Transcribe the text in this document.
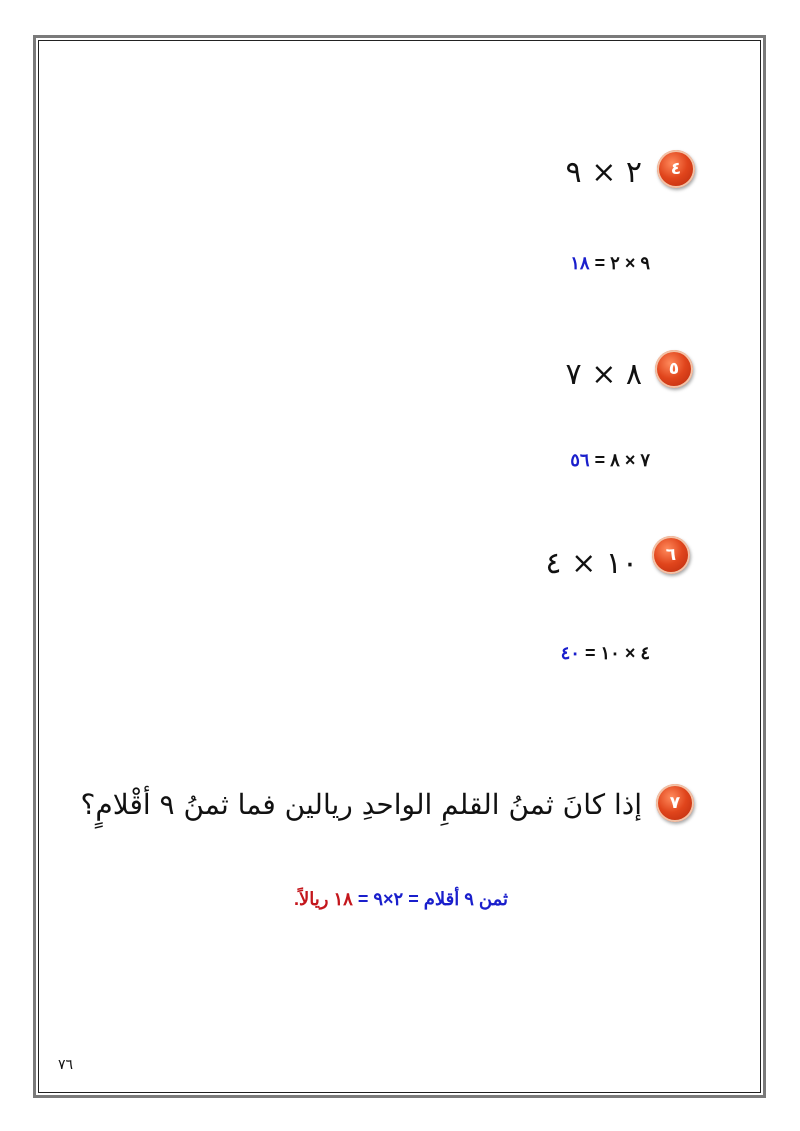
٤
٢ × ٩
٩ × ٢ = ١٨
٥
٨ × ٧
٧ × ٨ = ٥٦
٦
١٠ × ٤
٤ × ١٠ = ٤٠
٧
إذا كانَ ثمنُ القلمِ الواحدِ ريالين فما ثمنُ ٩ أقْلامٍ؟
ثمن ٩ أقلام = ٢×٩ = ١٨ ريالاً.
٧٦
